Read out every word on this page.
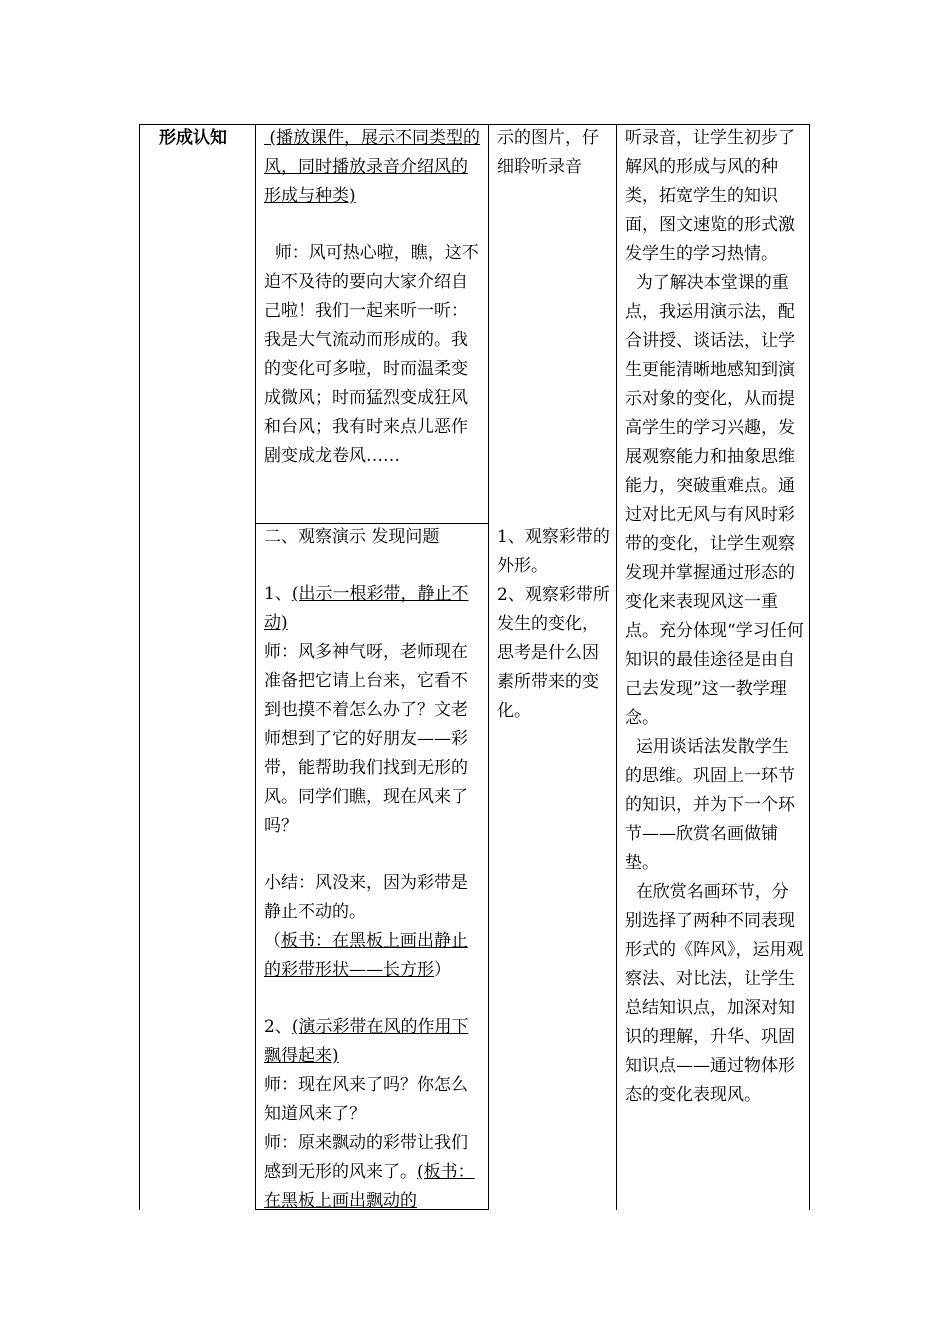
形成认知	(播放课件，展示不同类型的风，同时播放录音介绍风的形成与种类)

师：风可热心啦，瞧，这不迫不及待的要向大家介绍自己啦！我们一起来听一听：我是大气流动而形成的。我的变化可多啦，时而温柔变成微风；时而猛烈变成狂风和台风；我有时来点儿恶作剧变成龙卷风……

示的图片，仔细聆听录音

听录音，让学生初步了解风的形成与风的种类，拓宽学生的知识面，图文速览的形式激发学生的学习热情。

为了解决本堂课的重点，我运用演示法，配合讲授、谈话法，让学生更能清晰地感知到演示对象的变化，从而提高学生的学习兴趣，发展观察能力和抽象思维能力，突破重难点。通过对比无风与有风时彩带的变化，让学生观察发现并掌握通过形态的变化来表现风这一重点。充分体现“学习任何知识的最佳途径是由自己去发现”这一教学理念。

运用谈话法发散学生的思维。巩固上一环节的知识，并为下一个环节——欣赏名画做铺垫。

在欣赏名画环节，分别选择了两种不同表现形式的《阵风》，运用观察法、对比法，让学生总结知识点，加深对知识的理解，升华、巩固知识点——通过物体形态的变化表现风。

二、观察演示 发现问题

1、(出示一根彩带，静止不动)

师：风多神气呀，老师现在准备把它请上台来，它看不到也摸不着怎么办了？文老师想到了它的好朋友——彩带，能帮助我们找到无形的风。同学们瞧，现在风来了吗？

小结：风没来，因为彩带是静止不动的。

（板书：在黑板上画出静止的彩带形状——长方形）

2、(演示彩带在风的作用下飘得起来)

师：现在风来了吗？你怎么知道风来了？

师：原来飘动的彩带让我们感到无形的风来了。(板书：在黑板上画出飘动的

1、观察彩带的外形。

2、观察彩带所发生的变化，思考是什么因素所带来的变化。
